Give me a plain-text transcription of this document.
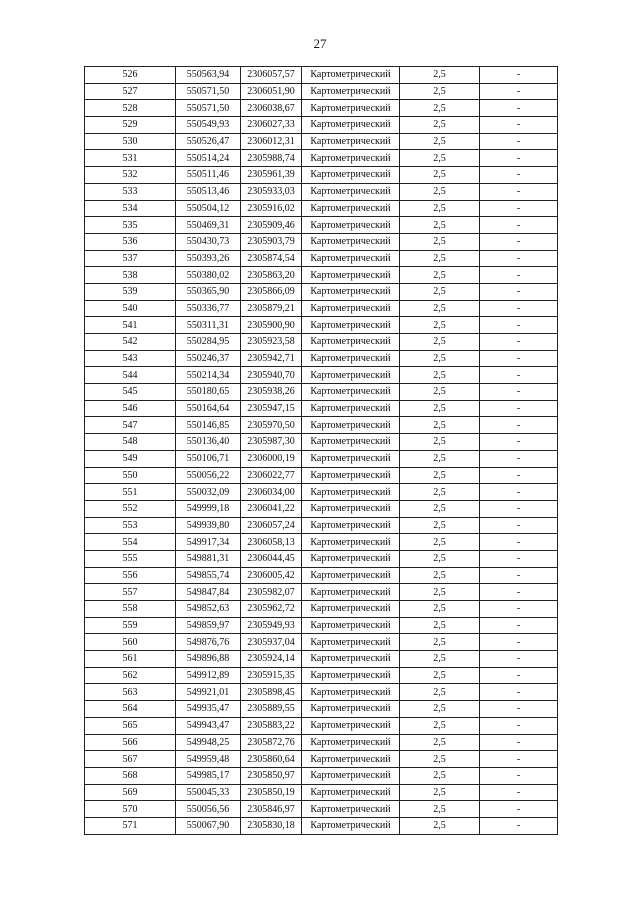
27
526	550563,94	2306057,57	Картометрический	2,5	-
527	550571,50	2306051,90	Картометрический	2,5	-
528	550571,50	2306038,67	Картометрический	2,5	-
529	550549,93	2306027,33	Картометрический	2,5	-
530	550526,47	2306012,31	Картометрический	2,5	-
531	550514,24	2305988,74	Картометрический	2,5	-
532	550511,46	2305961,39	Картометрический	2,5	-
533	550513,46	2305933,03	Картометрический	2,5	-
534	550504,12	2305916,02	Картометрический	2,5	-
535	550469,31	2305909,46	Картометрический	2,5	-
536	550430,73	2305903,79	Картометрический	2,5	-
537	550393,26	2305874,54	Картометрический	2,5	-
538	550380,02	2305863,20	Картометрический	2,5	-
539	550365,90	2305866,09	Картометрический	2,5	-
540	550336,77	2305879,21	Картометрический	2,5	-
541	550311,31	2305900,90	Картометрический	2,5	-
542	550284,95	2305923,58	Картометрический	2,5	-
543	550246,37	2305942,71	Картометрический	2,5	-
544	550214,34	2305940,70	Картометрический	2,5	-
545	550180,65	2305938,26	Картометрический	2,5	-
546	550164,64	2305947,15	Картометрический	2,5	-
547	550146,85	2305970,50	Картометрический	2,5	-
548	550136,40	2305987,30	Картометрический	2,5	-
549	550106,71	2306000,19	Картометрический	2,5	-
550	550056,22	2306022,77	Картометрический	2,5	-
551	550032,09	2306034,00	Картометрический	2,5	-
552	549999,18	2306041,22	Картометрический	2,5	-
553	549939,80	2306057,24	Картометрический	2,5	-
554	549917,34	2306058,13	Картометрический	2,5	-
555	549881,31	2306044,45	Картометрический	2,5	-
556	549855,74	2306005,42	Картометрический	2,5	-
557	549847,84	2305982,07	Картометрический	2,5	-
558	549852,63	2305962,72	Картометрический	2,5	-
559	549859,97	2305949,93	Картометрический	2,5	-
560	549876,76	2305937,04	Картометрический	2,5	-
561	549896,88	2305924,14	Картометрический	2,5	-
562	549912,89	2305915,35	Картометрический	2,5	-
563	549921,01	2305898,45	Картометрический	2,5	-
564	549935,47	2305889,55	Картометрический	2,5	-
565	549943,47	2305883,22	Картометрический	2,5	-
566	549948,25	2305872,76	Картометрический	2,5	-
567	549959,48	2305860,64	Картометрический	2,5	-
568	549985,17	2305850,97	Картометрический	2,5	-
569	550045,33	2305850,19	Картометрический	2,5	-
570	550056,56	2305846,97	Картометрический	2,5	-
571	550067,90	2305830,18	Картометрический	2,5	-
